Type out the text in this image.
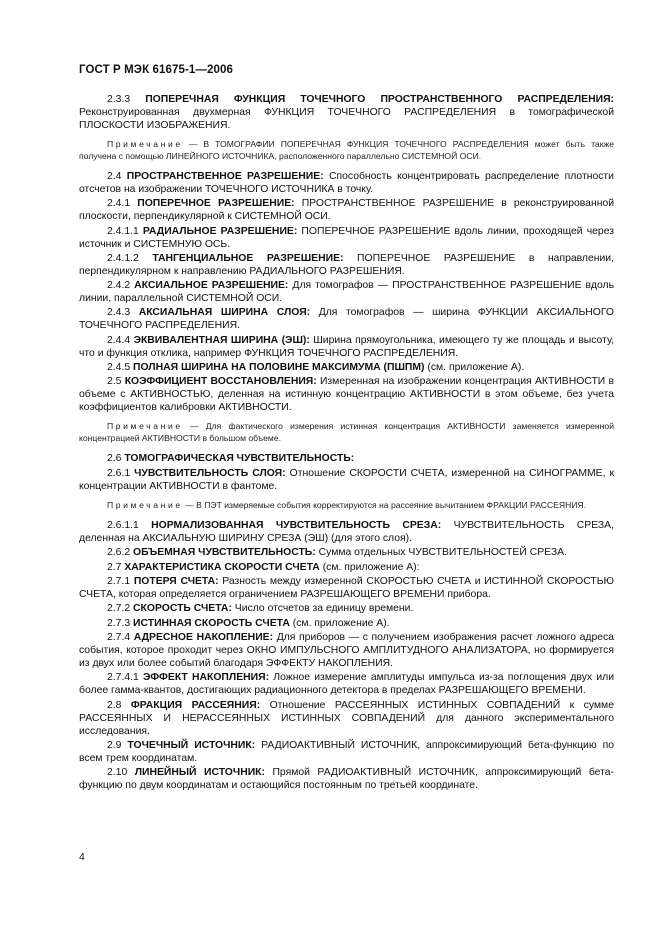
ГОСТ Р МЭК 61675-1—2006
2.3.3 ПОПЕРЕЧНАЯ ФУНКЦИЯ ТОЧЕЧНОГО ПРОСТРАНСТВЕННОГО РАСПРЕДЕЛЕНИЯ: Реконструированная двухмерная ФУНКЦИЯ ТОЧЕЧНОГО РАСПРЕДЕЛЕНИЯ в томографической ПЛОСКОСТИ ИЗОБРАЖЕНИЯ.
Примечание — В ТОМОГРАФИИ ПОПЕРЕЧНАЯ ФУНКЦИЯ ТОЧЕЧНОГО РАСПРЕДЕЛЕНИЯ может быть также получена с помощью ЛИНЕЙНОГО ИСТОЧНИКА, расположенного параллельно СИСТЕМНОЙ ОСИ.
2.4 ПРОСТРАНСТВЕННОЕ РАЗРЕШЕНИЕ: Способность концентрировать распределение плотности отсчетов на изображении ТОЧЕЧНОГО ИСТОЧНИКА в точку.
2.4.1 ПОПЕРЕЧНОЕ РАЗРЕШЕНИЕ: ПРОСТРАНСТВЕННОЕ РАЗРЕШЕНИЕ в реконструированной плоскости, перпендикулярной к СИСТЕМНОЙ ОСИ.
2.4.1.1 РАДИАЛЬНОЕ РАЗРЕШЕНИЕ: ПОПЕРЕЧНОЕ РАЗРЕШЕНИЕ вдоль линии, проходящей через источник и СИСТЕМНУЮ ОСЬ.
2.4.1.2 ТАНГЕНЦИАЛЬНОЕ РАЗРЕШЕНИЕ: ПОПЕРЕЧНОЕ РАЗРЕШЕНИЕ в направлении, перпендикулярном к направлению РАДИАЛЬНОГО РАЗРЕШЕНИЯ.
2.4.2 АКСИАЛЬНОЕ РАЗРЕШЕНИЕ: Для томографов — ПРОСТРАНСТВЕННОЕ РАЗРЕШЕНИЕ вдоль линии, параллельной СИСТЕМНОЙ ОСИ.
2.4.3 АКСИАЛЬНАЯ ШИРИНА СЛОЯ: Для томографов — ширина ФУНКЦИИ АКСИАЛЬНОГО ТОЧЕЧНОГО РАСПРЕДЕЛЕНИЯ.
2.4.4 ЭКВИВАЛЕНТНАЯ ШИРИНА (ЭШ): Ширина прямоугольника, имеющего ту же площадь и высоту, что и функция отклика, например ФУНКЦИЯ ТОЧЕЧНОГО РАСПРЕДЕЛЕНИЯ.
2.4.5 ПОЛНАЯ ШИРИНА НА ПОЛОВИНЕ МАКСИМУМА (ПШПМ) (см. приложение А).
2.5 КОЭФФИЦИЕНТ ВОССТАНОВЛЕНИЯ: Измеренная на изображении концентрация АКТИВНОСТИ в объеме с АКТИВНОСТЬЮ, деленная на истинную концентрацию АКТИВНОСТИ в этом объеме, без учета коэффициентов калибровки АКТИВНОСТИ.
Примечание — Для фактического измерения истинная концентрация АКТИВНОСТИ заменяется измеренной концентрацией АКТИВНОСТИ в большом объеме.
2.6 ТОМОГРАФИЧЕСКАЯ ЧУВСТВИТЕЛЬНОСТЬ:
2.6.1 ЧУВСТВИТЕЛЬНОСТЬ СЛОЯ: Отношение СКОРОСТИ СЧЕТА, измеренной на СИНОГРАММЕ, к концентрации АКТИВНОСТИ в фантоме.
Примечание — В ПЭТ измеряемые события корректируются на рассеяние вычитанием ФРАКЦИИ РАССЕЯНИЯ.
2.6.1.1 НОРМАЛИЗОВАННАЯ ЧУВСТВИТЕЛЬНОСТЬ СРЕЗА: ЧУВСТВИТЕЛЬНОСТЬ СРЕЗА, деленная на АКСИАЛЬНУЮ ШИРИНУ СРЕЗА (ЭШ) (для этого слоя).
2.6.2 ОБЪЕМНАЯ ЧУВСТВИТЕЛЬНОСТЬ: Сумма отдельных ЧУВСТВИТЕЛЬНОСТЕЙ СРЕЗА.
2.7 ХАРАКТЕРИСТИКА СКОРОСТИ СЧЕТА (см. приложение А):
2.7.1 ПОТЕРЯ СЧЕТА: Разность между измеренной СКОРОСТЬЮ СЧЕТА и ИСТИННОЙ СКОРОСТЬЮ СЧЕТА, которая определяется ограничением РАЗРЕШАЮЩЕГО ВРЕМЕНИ прибора.
2.7.2 СКОРОСТЬ СЧЕТА: Число отсчетов за единицу времени.
2.7.3 ИСТИННАЯ СКОРОСТЬ СЧЕТА (см. приложение А).
2.7.4 АДРЕСНОЕ НАКОПЛЕНИЕ: Для приборов — с получением изображения расчет ложного адреса события, которое проходит через ОКНО ИМПУЛЬСНОГО АМПЛИТУДНОГО АНАЛИЗАТОРА, но формируется из двух или более событий благодаря ЭФФЕКТУ НАКОПЛЕНИЯ.
2.7.4.1 ЭФФЕКТ НАКОПЛЕНИЯ: Ложное измерение амплитуды импульса из-за поглощения двух или более гамма-квантов, достигающих радиационного детектора в пределах РАЗРЕШАЮЩЕГО ВРЕМЕНИ.
2.8 ФРАКЦИЯ РАССЕЯНИЯ: Отношение РАССЕЯННЫХ ИСТИННЫХ СОВПАДЕНИЙ к сумме РАССЕЯННЫХ И НЕРАССЕЯННЫХ ИСТИННЫХ СОВПАДЕНИЙ для данного экспериментального исследования.
2.9 ТОЧЕЧНЫЙ ИСТОЧНИК: РАДИОАКТИВНЫЙ ИСТОЧНИК, аппроксимирующий бета-функцию по всем трем координатам.
2.10 ЛИНЕЙНЫЙ ИСТОЧНИК: Прямой РАДИОАКТИВНЫЙ ИСТОЧНИК, аппроксимирующий бета-функцию по двум координатам и остающийся постоянным по третьей координате.
4
